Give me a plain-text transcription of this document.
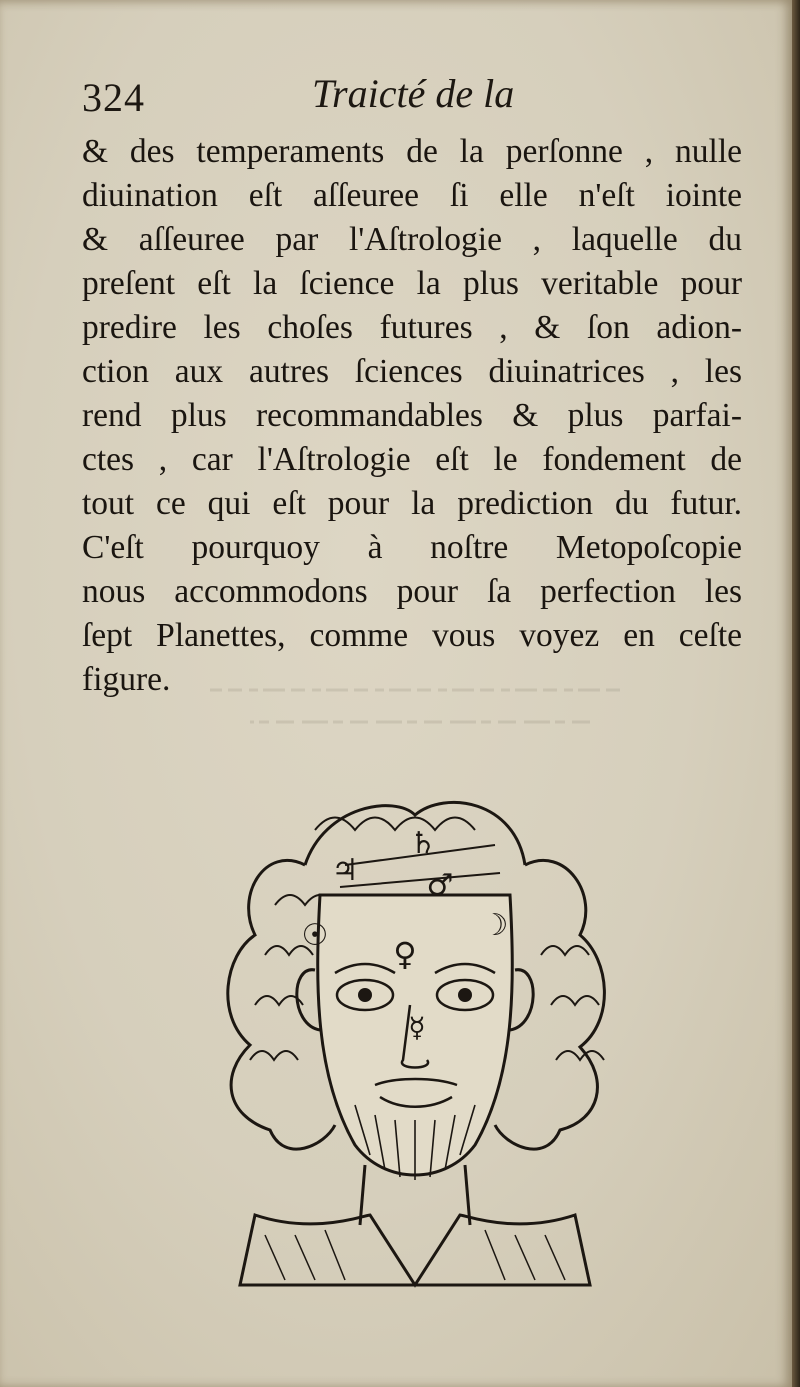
324	Traicté de la
& des temperaments de la perſonne , nulle
diuination eſt aſſeuree ſi elle n'eſt iointe
& aſſeuree par l'Aſtrologie , laquelle du
preſent eſt la ſcience la plus veritable pour
predire les choſes futures , & ſon adion-
ction aux autres ſciences diuinatrices , les
rend plus recommandables & plus parfai-
ctes , car l'Aſtrologie eſt le fondement de
tout ce qui eſt pour la prediction du futur.
C'eſt pourquoy à noſtre Metopoſcopie
nous accommodons pour ſa perfection les
ſept Planettes, comme vous voyez en ceſte
figure.
♄
♃ ♂
☉	☽
♀
☿
